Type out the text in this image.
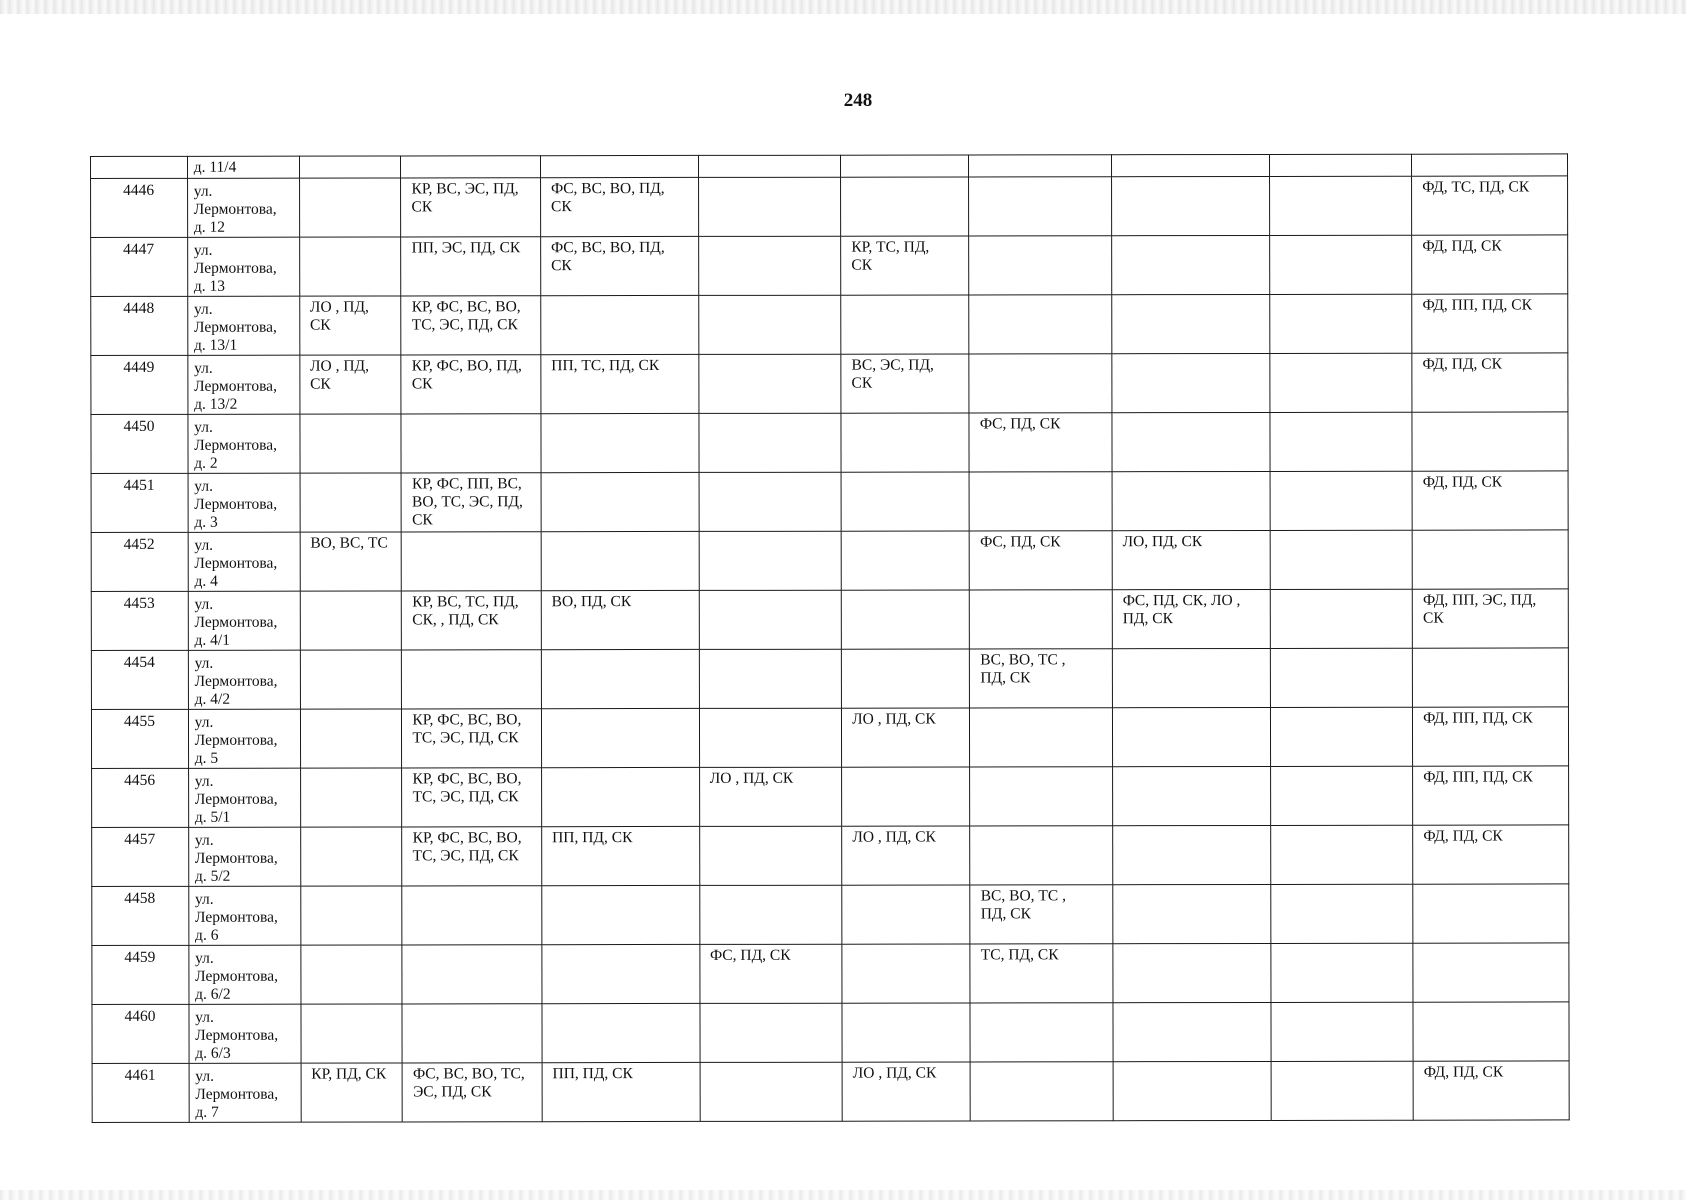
248

	д. 11/4									

4446	ул.
Лермонтова,
д. 12		КР, ВС, ЭС, ПД,
СК	ФС, ВС, ВО, ПД,
СК						ФД, ТС, ПД, СК

4447	ул.
Лермонтова,
д. 13		ПП, ЭС, ПД, СК	ФС, ВС, ВО, ПД,
СК		КР, ТС, ПД,
СК				ФД, ПД, СК

4448	ул.
Лермонтова,
д. 13/1	ЛО , ПД,
СК	КР, ФС, ВС, ВО,
ТС, ЭС, ПД, СК							ФД, ПП, ПД, СК

4449	ул.
Лермонтова,
д. 13/2	ЛО , ПД,
СК	КР, ФС, ВО, ПД,
СК	ПП, ТС, ПД, СК		ВС, ЭС, ПД,
СК				ФД, ПД, СК

4450	ул.
Лермонтова,
д. 2						ФС, ПД, СК			

4451	ул.
Лермонтова,
д. 3		КР, ФС, ПП, ВС,
ВО, ТС, ЭС, ПД,
СК							ФД, ПД, СК

4452	ул.
Лермонтова,
д. 4	ВО, ВС, ТС					ФС, ПД, СК	ЛО, ПД, СК		

4453	ул.
Лермонтова,
д. 4/1		КР, ВС, ТС, ПД,
СК, , ПД, СК	ВО, ПД, СК				ФС, ПД, СК, ЛО ,
ПД, СК		ФД, ПП, ЭС, ПД,
СК

4454	ул.
Лермонтова,
д. 4/2						ВС, ВО, ТС ,
ПД, СК			

4455	ул.
Лермонтова,
д. 5		КР, ФС, ВС, ВО,
ТС, ЭС, ПД, СК			ЛО , ПД, СК				ФД, ПП, ПД, СК

4456	ул.
Лермонтова,
д. 5/1		КР, ФС, ВС, ВО,
ТС, ЭС, ПД, СК		ЛО , ПД, СК					ФД, ПП, ПД, СК

4457	ул.
Лермонтова,
д. 5/2		КР, ФС, ВС, ВО,
ТС, ЭС, ПД, СК	ПП, ПД, СК		ЛО , ПД, СК				ФД, ПД, СК

4458	ул.
Лермонтова,
д. 6						ВС, ВО, ТС ,
ПД, СК			

4459	ул.
Лермонтова,
д. 6/2				ФС, ПД, СК		ТС, ПД, СК			

4460	ул.
Лермонтова,
д. 6/3									

4461	ул.
Лермонтова,
д. 7	КР, ПД, СК	ФС, ВС, ВО, ТС,
ЭС, ПД, СК	ПП, ПД, СК		ЛО , ПД, СК				ФД, ПД, СК
